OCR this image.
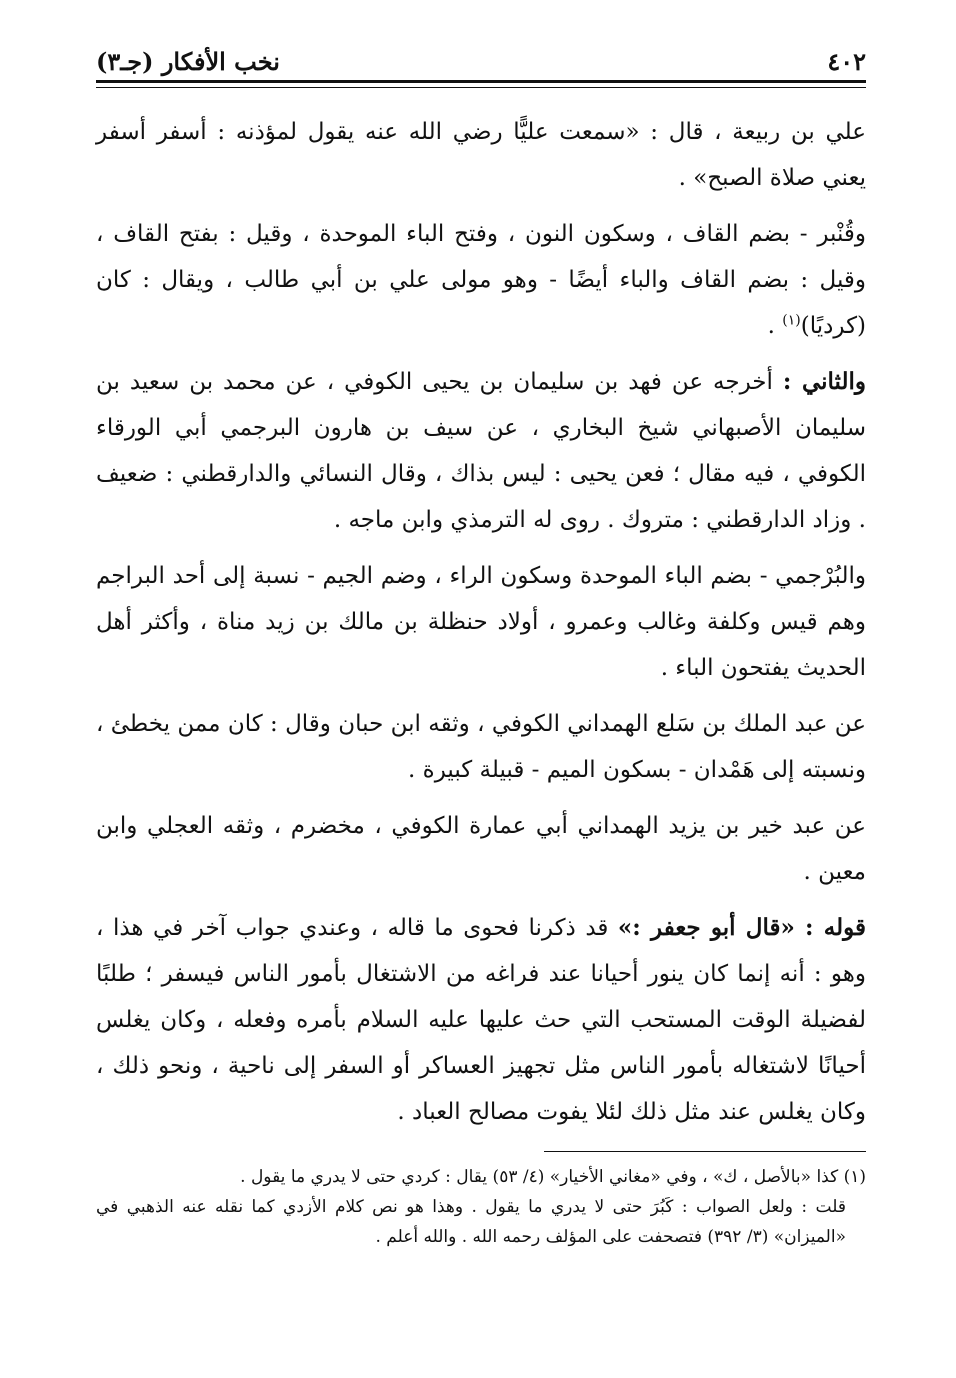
٤٠٢
نخب الأفكار (جـ٣)

علي بن ربيعة ، قال : «سمعت عليًّا رضي الله عنه يقول لمؤذنه : أسفر أسفر يعني صلاة الصبح» .

وقُنْبر - بضم القاف ، وسكون النون ، وفتح الباء الموحدة ، وقيل : بفتح القاف ، وقيل : بضم القاف والباء أيضًا - وهو مولى علي بن أبي طالب ، ويقال : كان (كرديًا)$^{(١)}$ .

والثاني : أخرجه عن فهد بن سليمان بن يحيى الكوفي ، عن محمد بن سعيد بن سليمان الأصبهاني شيخ البخاري ، عن سيف بن هارون البرجمي أبي الورقاء الكوفي ، فيه مقال ؛ فعن يحيى : ليس بذاك ، وقال النسائي والدارقطني : ضعيف . وزاد الدارقطني : متروك . روى له الترمذي وابن ماجه .

والبُرْجمي - بضم الباء الموحدة وسكون الراء ، وضم الجيم - نسبة إلى أحد البراجم وهم قيس وكلفة وغالب وعمرو ، أولاد حنظلة بن مالك بن زيد مناة ، وأكثر أهل الحديث يفتحون الباء .

عن عبد الملك بن سَلع الهمداني الكوفي ، وثقه ابن حبان وقال : كان ممن يخطئ ، ونسبته إلى هَمْدان - بسكون الميم - قبيلة كبيرة .

عن عبد خير بن يزيد الهمداني أبي عمارة الكوفي ، مخضرم ، وثقه العجلي وابن معين .

قوله : «قال أبو جعفر :» قد ذكرنا فحوى ما قاله ، وعندي جواب آخر في هذا ، وهو : أنه إنما كان ينور أحيانا عند فراغه من الاشتغال بأمور الناس فيسفر ؛ طلبًا لفضيلة الوقت المستحب التي حث عليها عليه السلام بأمره وفعله ، وكان يغلس أحيانًا لاشتغاله بأمور الناس مثل تجهيز العساكر أو السفر إلى ناحية ، ونحو ذلك ، وكان يغلس عند مثل ذلك لئلا يفوت مصالح العباد .

(١) كذا «بالأصل ، ك» ، وفي «مغاني الأخيار» (٤/ ٥٣) يقال : كردي حتى لا يدري ما يقول .

قلت : ولعل الصواب : كَبُرَ حتى لا يدري ما يقول . وهذا هو نص كلام الأزدي كما نقله عنه الذهبي في «الميزان» (٣/ ٣٩٢) فتصحفت على المؤلف رحمه الله . والله أعلم .
